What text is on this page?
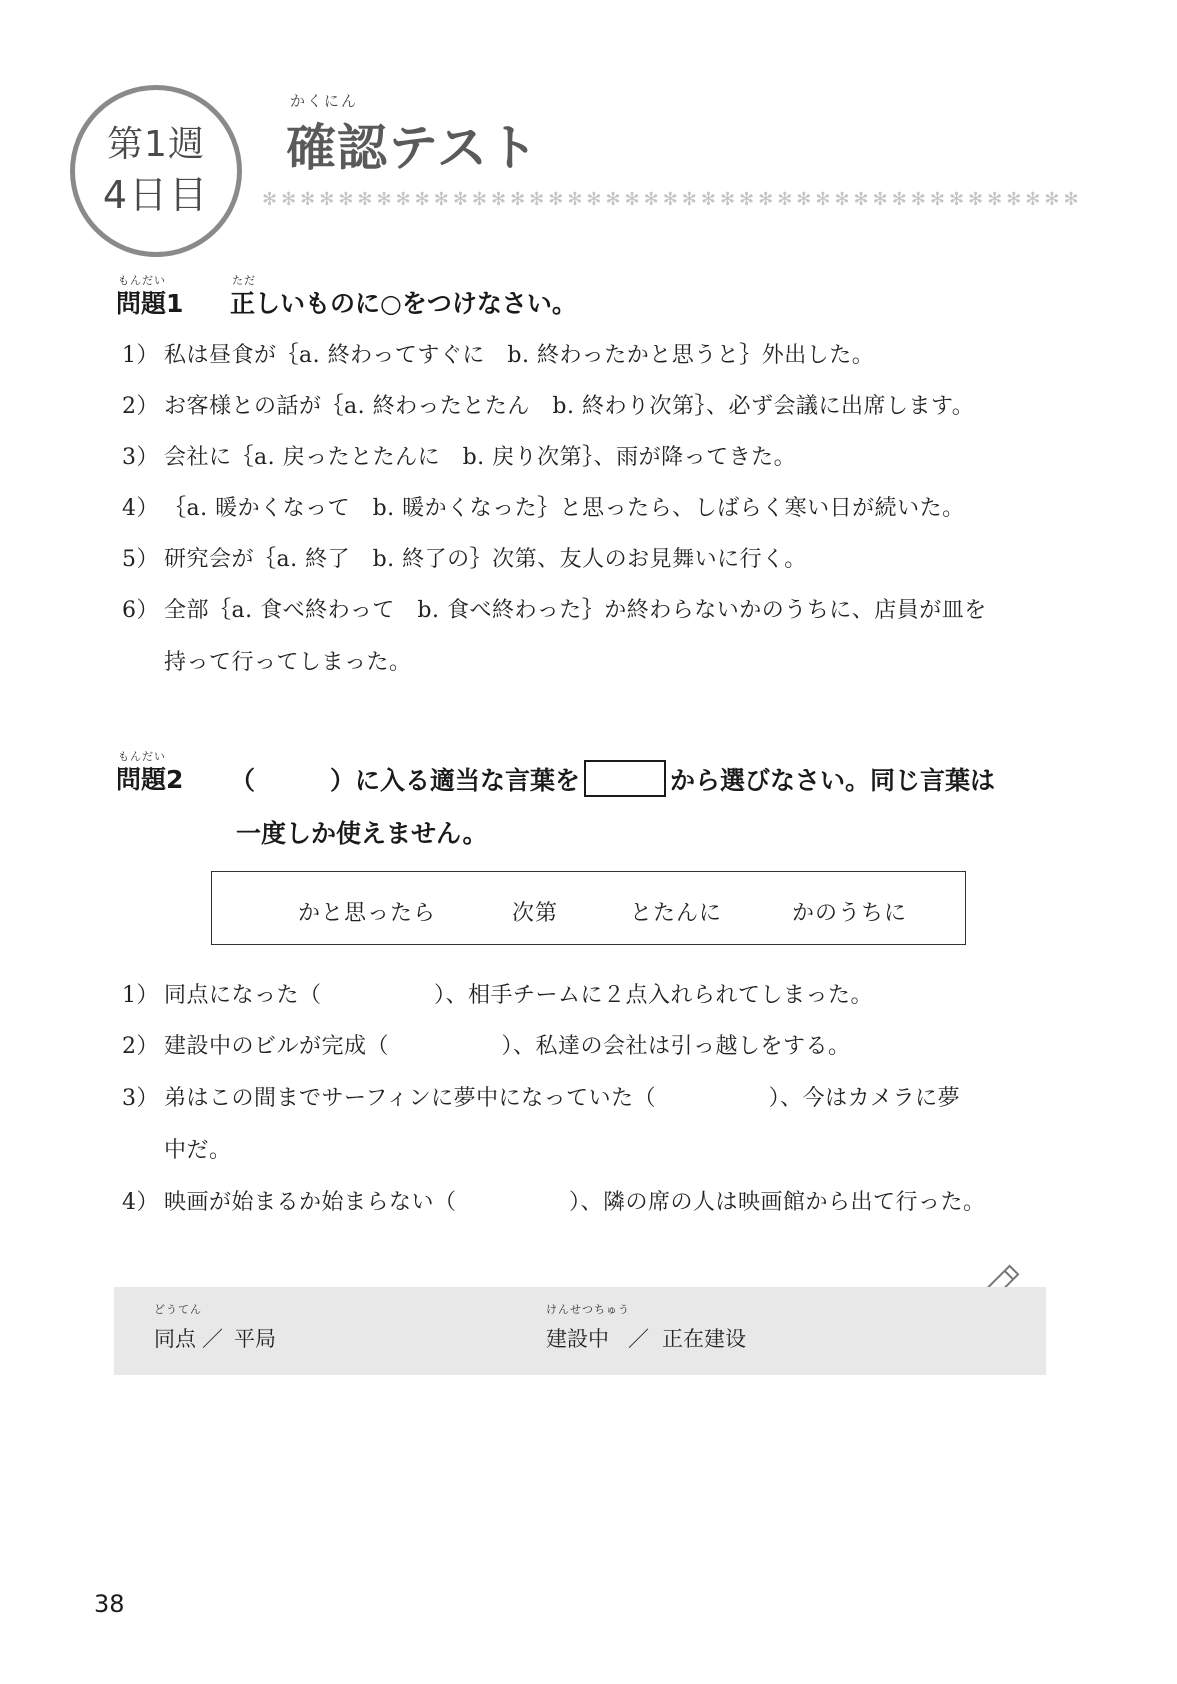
第1週
4日目
かくにん
確認テスト
✻✻✻✻✻✻✻✻✻✻✻✻✻✻✻✻✻✻✻✻✻✻✻✻✻✻✻✻✻✻✻✻✻✻✻✻✻✻✻✻✻✻✻
もんだい
問題1
ただ
正しいものに○をつけなさい。
1） 私は昼食が｛a. 終わってすぐに　b. 終わったかと思うと｝外出した。
2） お客様との話が｛a. 終わったとたん　b. 終わり次第｝、必ず会議に出席します。
3） 会社に｛a. 戻ったとたんに　b. 戻り次第｝、雨が降ってきた。
4） ｛a. 暖かくなって　b. 暖かくなった｝と思ったら、しばらく寒い日が続いた。
5） 研究会が｛a. 終了　b. 終了の｝次第、友人のお見舞いに行く。
6） 全部｛a. 食べ終わって　b. 食べ終わった｝か終わらないかのうちに、店員が皿を
持って行ってしまった。
もんだい
問題2 （　　　）に入る適当な言葉を	から選びなさい。同じ言葉は
一度しか使えません。
かと思ったら	次第	とたんに	かのうちに
1） 同点になった（　　　　　）、相手チームに２点入れられてしまった。
2） 建設中のビルが完成（　　　　　）、私達の会社は引っ越しをする。
3） 弟はこの間までサーフィンに夢中になっていた（　　　　　）、今はカメラに夢
中だ。
4） 映画が始まるか始まらない（　　　　　）、隣の席の人は映画館から出て行った。
どうてん
同点 ／ 平局
けんせつちゅう
建設中 ／ 正在建设
38
